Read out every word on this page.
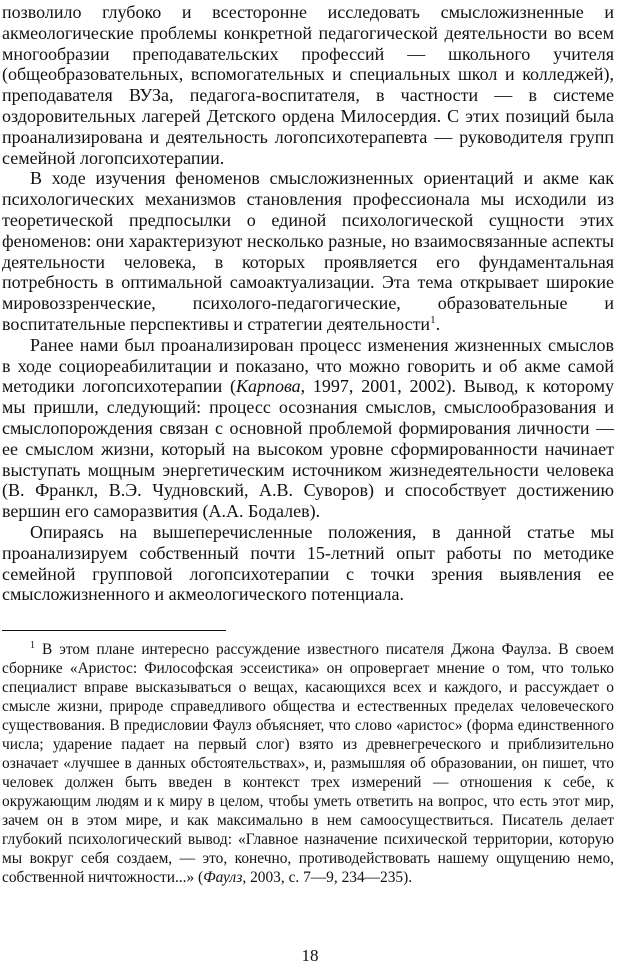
позволило глубоко и всесторонне исследовать смысложизненные и акмеологические проблемы конкретной педагогической деятельности во всем многообразии преподавательских профессий — школьного учителя (общеобразовательных, вспомогательных и специальных школ и колледжей), преподавателя ВУЗа, педагога-воспитателя, в частности — в системе оздоровительных лагерей Детского ордена Милосердия. С этих позиций была проанализирована и деятельность логопсихотерапевта — руководителя групп семейной логопсихотерапии.

В ходе изучения феноменов смысложизненных ориентаций и акме как психологических механизмов становления профессионала мы исходили из теоретической предпосылки о единой психологической сущности этих феноменов: они характеризуют несколько разные, но взаимосвязанные аспекты деятельности человека, в которых проявляется его фундаментальная потребность в оптимальной самоактуализации. Эта тема открывает широкие мировоззренческие, психолого-педагогические, образовательные и воспитательные перспективы и стратегии деятельности$^1$.

Ранее нами был проанализирован процесс изменения жизненных смыслов в ходе социореабилитации и показано, что можно говорить и об акме самой методики логопсихотерапии (Карпова, 1997, 2001, 2002). Вывод, к которому мы пришли, следующий: процесс осознания смыслов, смыслообразования и смыслопорождения связан с основной проблемой формирования личности — ее смыслом жизни, который на высоком уровне сформированности начинает выступать мощным энергетическим источником жизнедеятельности человека (В. Франкл, В.Э. Чудновский, А.В. Суворов) и способствует достижению вершин его саморазвития (А.А. Бодалев).

Опираясь на вышеперечисленные положения, в данной статье мы проанализируем собственный почти 15-летний опыт работы по методике семейной групповой логопсихотерапии с точки зрения выявления ее смысложизненного и акмеологического потенциала.

$^1$ В этом плане интересно рассуждение известного писателя Джона Фаулза. В своем сборнике «Аристос: Философская эссеистика» он опровергает мнение о том, что только специалист вправе высказываться о вещах, касающихся всех и каждого, и рассуждает о смысле жизни, природе справедливого общества и естественных пределах человеческого существования. В предисловии Фаулз объясняет, что слово «аристос» (форма единственного числа; ударение падает на первый слог) взято из древнегреческого и приблизительно означает «лучшее в данных обстоятельствах», и, размышляя об образовании, он пишет, что человек должен быть введен в контекст трех измерений — отношения к себе, к окружающим людям и к миру в целом, чтобы уметь ответить на вопрос, что есть этот мир, зачем он в этом мире, и как максимально в нем самоосуществиться. Писатель делает глубокий психологический вывод: «Главное назначение психической территории, которую мы вокруг себя создаем, — это, конечно, противодействовать нашему ощущению немо, собственной ничтожности...» (Фаулз, 2003, с. 7—9, 234—235).

18
